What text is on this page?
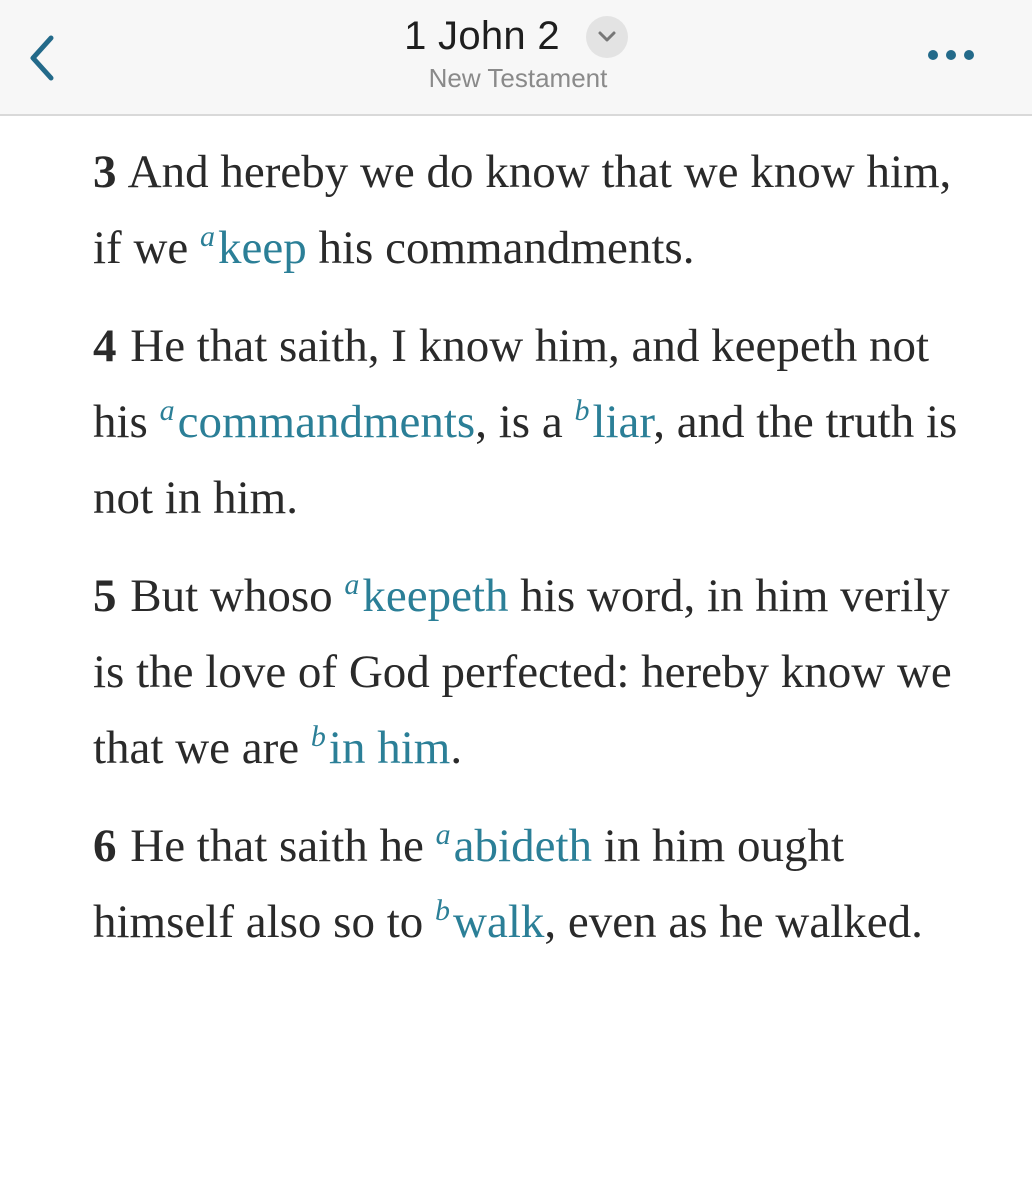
1 John 2
New Testament

3 And hereby we do know that we know him, if we $^a$keep his commandments.

4 He that saith, I know him, and keepeth not his $^a$commandments, is a $^b$liar, and the truth is not in him.

5 But whoso $^a$keepeth his word, in him verily is the love of God perfected: hereby know we that we are $^b$in him.

6 He that saith he $^a$abideth in him ought himself also so to $^b$walk, even as he walked.
